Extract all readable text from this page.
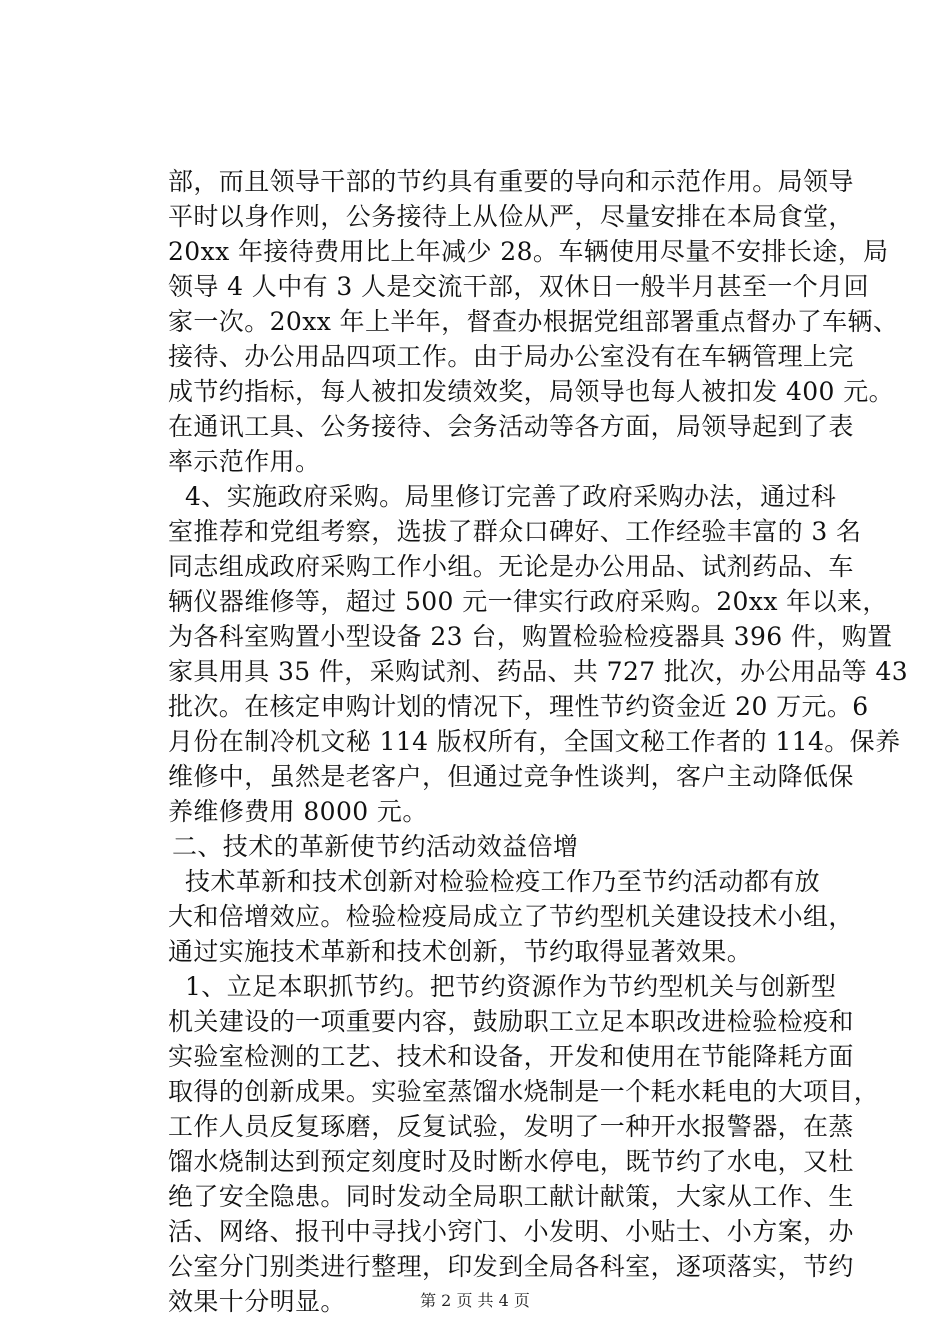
部，而且领导干部的节约具有重要的导向和示范作用。局领导
平时以身作则，公务接待上从俭从严，尽量安排在本局食堂，
20xx 年接待费用比上年减少 28。车辆使用尽量不安排长途，局
领导 4 人中有 3 人是交流干部，双休日一般半月甚至一个月回
家一次。20xx 年上半年，督查办根据党组部署重点督办了车辆、
接待、办公用品四项工作。由于局办公室没有在车辆管理上完
成节约指标，每人被扣发绩效奖，局领导也每人被扣发 400 元。
在通讯工具、公务接待、会务活动等各方面，局领导起到了表
率示范作用。
4、实施政府采购。局里修订完善了政府采购办法，通过科
室推荐和党组考察，选拔了群众口碑好、工作经验丰富的 3 名
同志组成政府采购工作小组。无论是办公用品、试剂药品、车
辆仪器维修等，超过 500 元一律实行政府采购。20xx 年以来，
为各科室购置小型设备 23 台，购置检验检疫器具 396 件，购置
家具用具 35 件，采购试剂、药品、共 727 批次，办公用品等 43
批次。在核定申购计划的情况下，理性节约资金近 20 万元。6
月份在制冷机文秘 114 版权所有，全国文秘工作者的 114。保养
维修中，虽然是老客户，但通过竞争性谈判，客户主动降低保
养维修费用 8000 元。
二、技术的革新使节约活动效益倍增
技术革新和技术创新对检验检疫工作乃至节约活动都有放
大和倍增效应。检验检疫局成立了节约型机关建设技术小组，
通过实施技术革新和技术创新，节约取得显著效果。
1、立足本职抓节约。把节约资源作为节约型机关与创新型
机关建设的一项重要内容，鼓励职工立足本职改进检验检疫和
实验室检测的工艺、技术和设备，开发和使用在节能降耗方面
取得的创新成果。实验室蒸馏水烧制是一个耗水耗电的大项目，
工作人员反复琢磨，反复试验，发明了一种开水报警器，在蒸
馏水烧制达到预定刻度时及时断水停电，既节约了水电，又杜
绝了安全隐患。同时发动全局职工献计献策，大家从工作、生
活、网络、报刊中寻找小窍门、小发明、小贴士、小方案，办
公室分门别类进行整理，印发到全局各科室，逐项落实，节约
效果十分明显。	第 2 页 共 4 页
